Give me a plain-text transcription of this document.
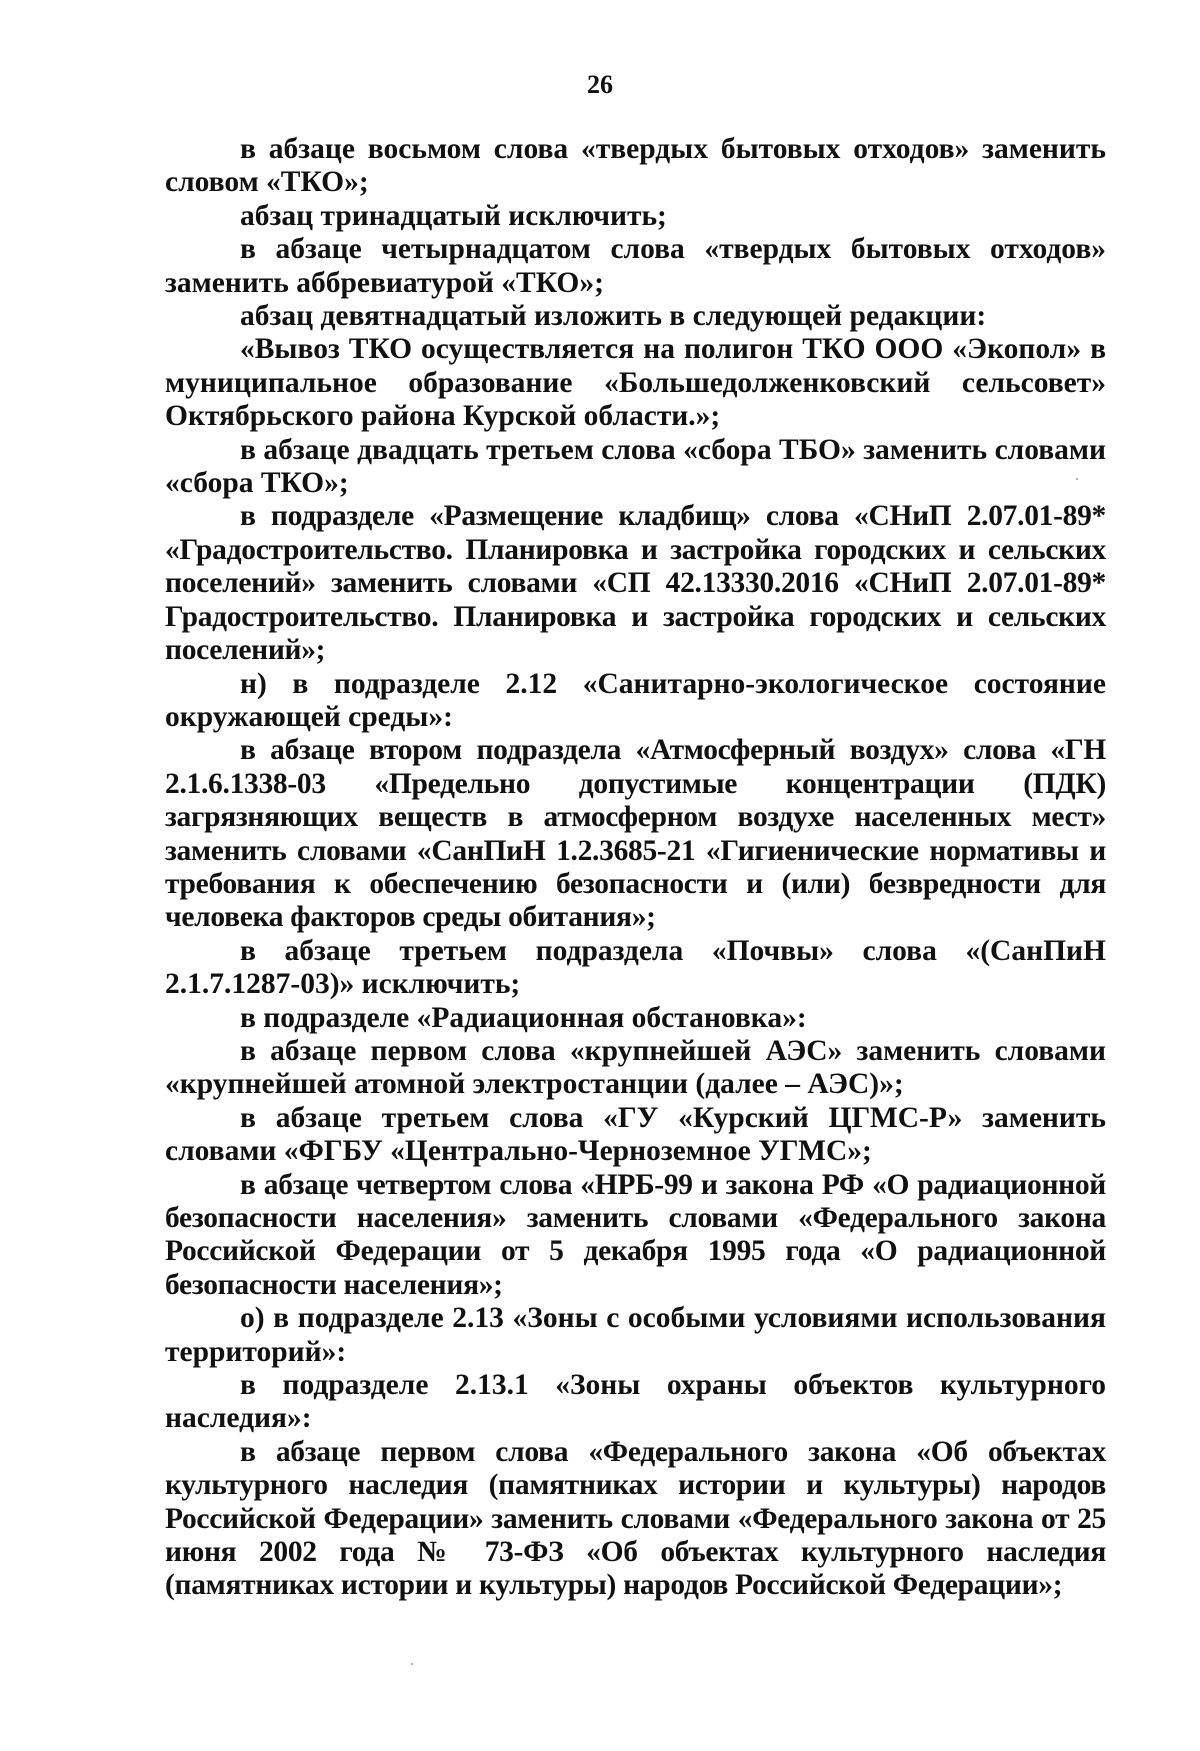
26

в абзаце восьмом слова «твердых бытовых отходов» заменить словом «ТКО»;

абзац тринадцатый исключить;

в абзаце четырнадцатом слова «твердых бытовых отходов» заменить аббревиатурой «ТКО»;

абзац девятнадцатый изложить в следующей редакции:

«Вывоз ТКО осуществляется на полигон ТКО ООО «Экопол» в муниципальное образование «Большедолженковский сельсовет» Октябрьского района Курской области.»;

в абзаце двадцать третьем слова «сбора ТБО» заменить словами «сбора ТКО»;

в подразделе «Размещение кладбищ» слова «СНиП 2.07.01-89* «Градостроительство. Планировка и застройка городских и сельских поселений» заменить словами «СП 42.13330.2016 «СНиП 2.07.01-89* Градостроительство. Планировка и застройка городских и сельских поселений»;

н) в подразделе 2.12 «Санитарно-экологическое состояние окружающей среды»:

в абзаце втором подраздела «Атмосферный воздух» слова «ГН 2.1.6.1338-03 «Предельно допустимые концентрации (ПДК) загрязняющих веществ в атмосферном воздухе населенных мест» заменить словами «СанПиН 1.2.3685-21 «Гигиенические нормативы и требования к обеспечению безопасности и (или) безвредности для человека факторов среды обитания»;

в абзаце третьем подраздела «Почвы» слова «(СанПиН 2.1.7.1287-03)» исключить;

в подразделе «Радиационная обстановка»:

в абзаце первом слова «крупнейшей АЭС» заменить словами «крупнейшей атомной электростанции (далее – АЭС)»;

в абзаце третьем слова «ГУ «Курский ЦГМС-Р» заменить словами «ФГБУ «Центрально-Черноземное УГМС»;

в абзаце четвертом слова «НРБ-99 и закона РФ «О радиационной безопасности населения» заменить словами «Федерального закона Российской Федерации от 5 декабря 1995 года «О радиационной безопасности населения»;

о) в подразделе 2.13 «Зоны с особыми условиями использования территорий»:

в подразделе 2.13.1 «Зоны охраны объектов культурного наследия»:

в абзаце первом слова «Федерального закона «Об объектах культурного наследия (памятниках истории и культуры) народов Российской Федерации» заменить словами «Федерального закона от 25 июня 2002 года № 73-ФЗ «Об объектах культурного наследия (памятниках истории и культуры) народов Российской Федерации»;
